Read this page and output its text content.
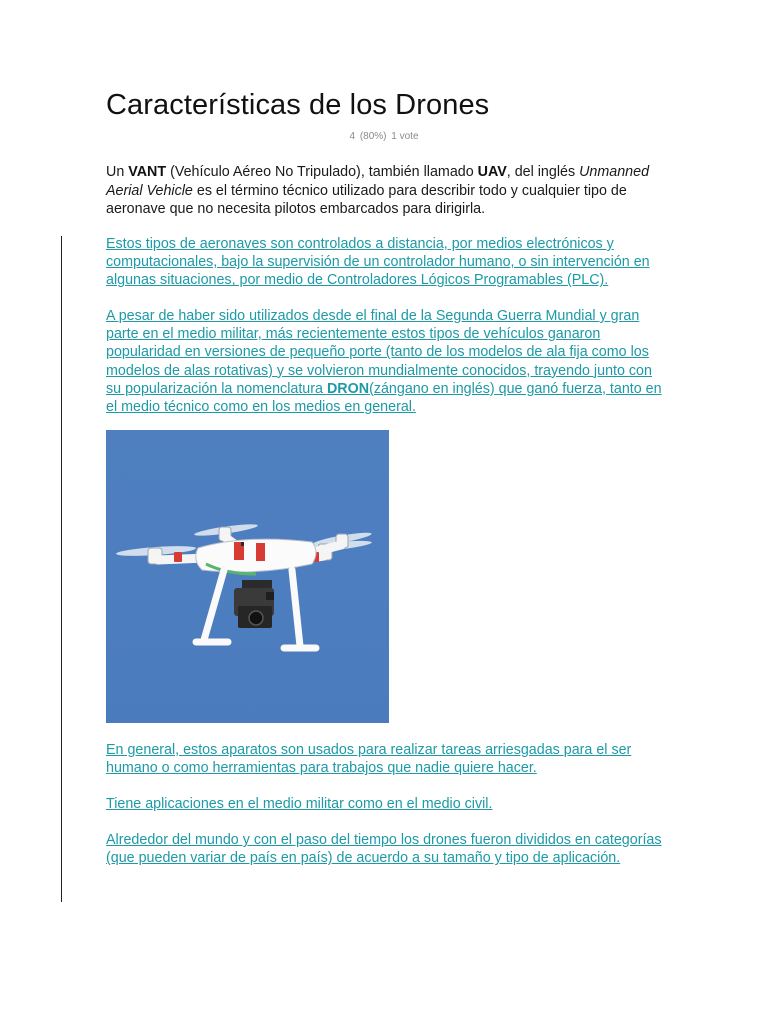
Características de los Drones
4 (80%) 1 vote

Un VANT (Vehículo Aéreo No Tripulado), también llamado UAV, del inglés Unmanned Aerial Vehicle es el término técnico utilizado para describir todo y cualquier tipo de aeronave que no necesita pilotos embarcados para dirigirla.

Estos tipos de aeronaves son controlados a distancia, por medios electrónicos y computacionales, bajo la supervisión de un controlador humano, o sin intervención en algunas situaciones, por medio de Controladores Lógicos Programables (PLC).

A pesar de haber sido utilizados desde el final de la Segunda Guerra Mundial y gran parte en el medio militar, más recientemente estos tipos de vehículos ganaron popularidad en versiones de pequeño porte (tanto de los modelos de ala fija como los modelos de alas rotativas) y se volvieron mundialmente conocidos, trayendo junto con su popularización la nomenclatura DRON(zángano en inglés) que ganó fuerza, tanto en el medio técnico como en los medios en general.

En general, estos aparatos son usados para realizar tareas arriesgadas para el ser humano o como herramientas para trabajos que nadie quiere hacer.

Tiene aplicaciones en el medio militar como en el medio civil.

Alrededor del mundo y con el paso del tiempo los drones fueron divididos en categorías (que pueden variar de país en país) de acuerdo a su tamaño y tipo de aplicación.
